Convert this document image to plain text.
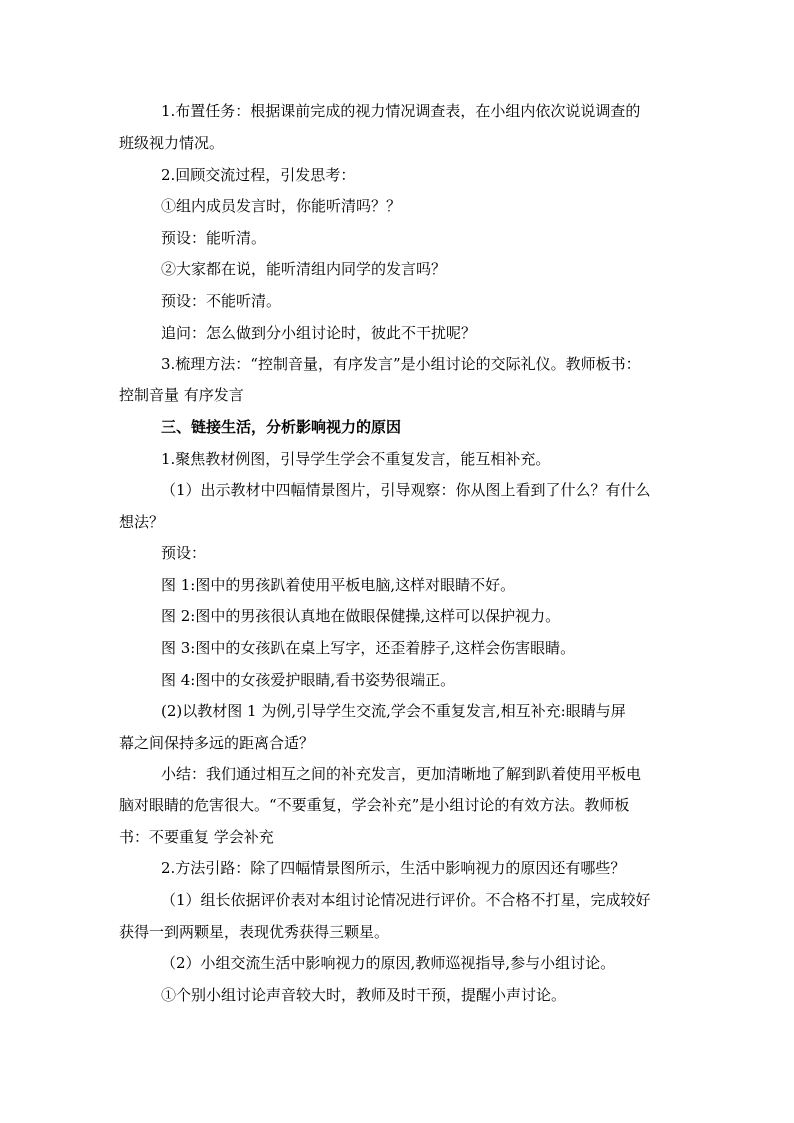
1.布置任务：根据课前完成的视力情况调查表，在小组内依次说说调查的
班级视力情况。
2.回顾交流过程，引发思考：
①组内成员发言时，你能听清吗？？
预设：能听清。
②大家都在说，能听清组内同学的发言吗？
预设：不能听清。
追问：怎么做到分小组讨论时，彼此不干扰呢？
3.梳理方法：“控制音量，有序发言”是小组讨论的交际礼仪。教师板书：
控制音量 有序发言
三、链接生活，分析影响视力的原因
1.聚焦教材例图，引导学生学会不重复发言，能互相补充。
（1）出示教材中四幅情景图片，引导观察：你从图上看到了什么？有什么
想法？
预设：
图 1:图中的男孩趴着使用平板电脑,这样对眼睛不好。
图 2:图中的男孩很认真地在做眼保健操,这样可以保护视力。
图 3:图中的女孩趴在桌上写字，还歪着脖子,这样会伤害眼睛。
图 4:图中的女孩爱护眼睛,看书姿势很端正。
(2)以教材图 1 为例,引导学生交流,学会不重复发言,相互补充:眼睛与屏
幕之间保持多远的距离合适？
小结：我们通过相互之间的补充发言，更加清晰地了解到趴着使用平板电
脑对眼睛的危害很大。“不要重复，学会补充”是小组讨论的有效方法。教师板
书：不要重复 学会补充
2.方法引路：除了四幅情景图所示，生活中影响视力的原因还有哪些？
（1）组长依据评价表对本组讨论情况进行评价。不合格不打星，完成较好
获得一到两颗星，表现优秀获得三颗星。
（2）小组交流生活中影响视力的原因,教师巡视指导,参与小组讨论。
①个别小组讨论声音较大时，教师及时干预，提醒小声讨论。
